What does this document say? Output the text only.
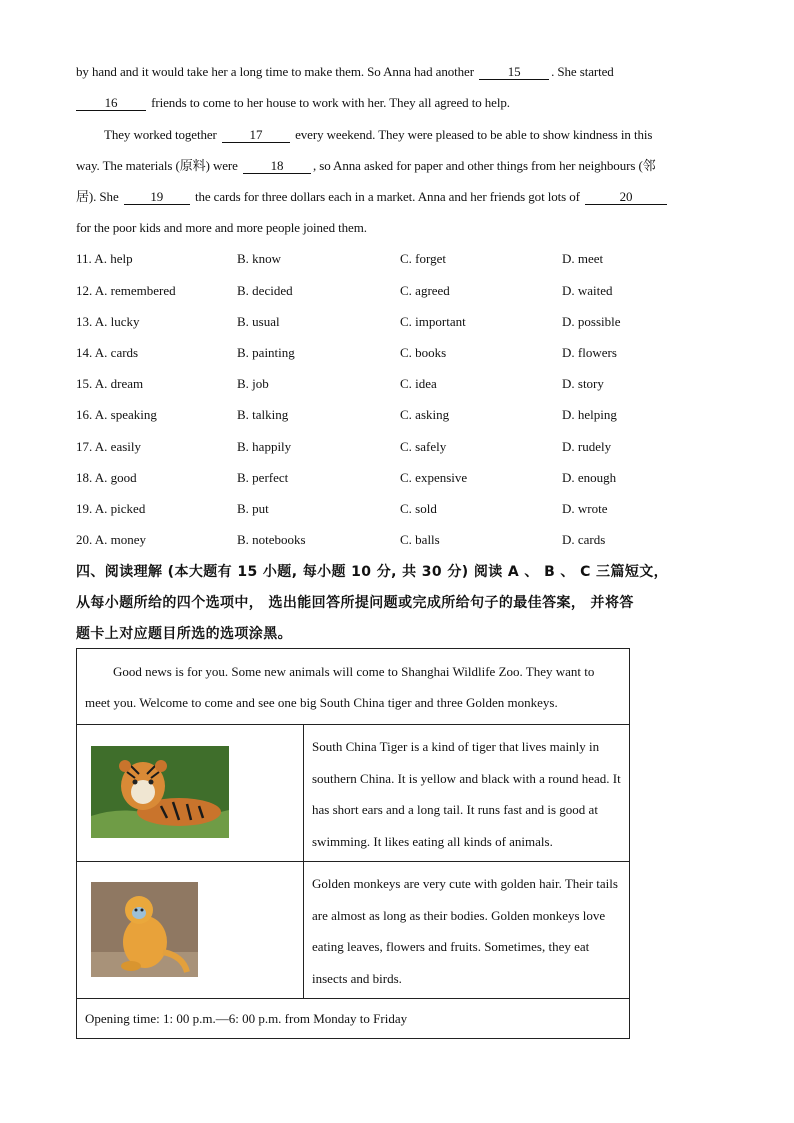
by hand and it would take her a long time to make them. So Anna had another	15 . She started
16	friends to come to her house to work with her. They all agreed to help.
They worked together	17	every weekend. They were pleased to be able to show kindness in this
way. The materials (原料) were	18 , so Anna asked for paper and other things from her neighbours (邻
居). She 19 the cards for three dollars each in a market. Anna and her friends got lots of	20
for the poor kids and more and more people joined them.
11. A. help	B. know	C. forget	D. meet
12. A. remembered	B. decided	C. agreed	D. waited
13. A. lucky	B. usual	C. important	D. possible
14. A. cards	B. painting	C. books	D. flowers
15. A. dream	B. job	C. idea	D. story
16. A. speaking	B. talking	C. asking	D. helping
17. A. easily	B. happily	C. safely	D. rudely
18. A. good	B. perfect	C. expensive	D. enough
19. A. picked	B. put	C. sold	D. wrote
20. A. money	B. notebooks	C. balls	D. cards
四、阅读理解 (本大题有 15 小题, 每小题 10 分, 共 30 分) 阅读 A 、 B 、 C 三篇短文，
从每小题所给的四个选项中， 选出能回答所提问题或完成所给句子的最佳答案， 并将答
题卡上对应题目所选的选项涂黑。
Good news is for you. Some new animals will come to Shanghai Wildlife Zoo. They want to meet you. Welcome to come and see one big South China tiger and three Golden monkeys.	

South China Tiger is a kind of tiger that lives mainly in southern China. It is yellow and black with a round head. It has short ears and a long tail. It runs fast and is good at swimming. It likes eating all kinds of animals.

Golden monkeys are very cute with golden hair. Their tails are almost as long as their bodies. Golden monkeys love eating leaves, flowers and fruits. Sometimes, they eat insects and birds.

Opening time: 1: 00 p.m.—6: 00 p.m. from Monday to Friday	
